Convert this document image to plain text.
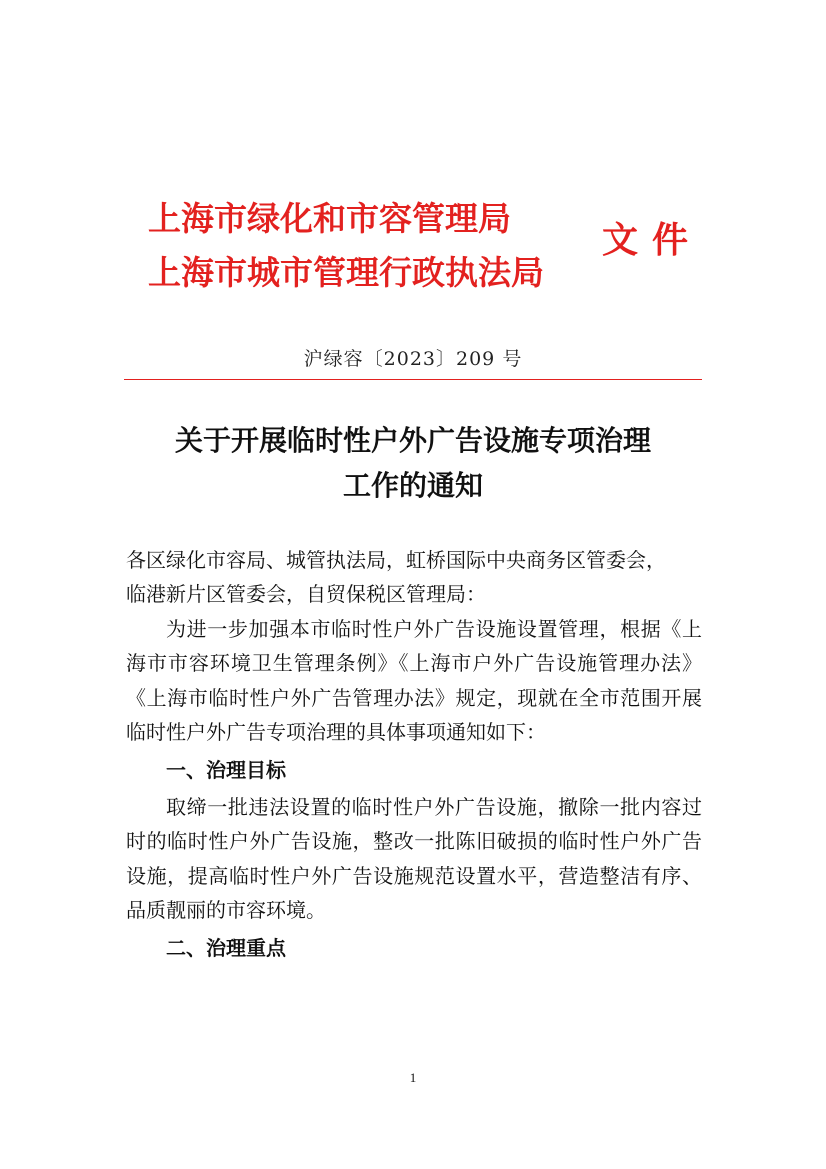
上海市绿化和市容管理局
上海市城市管理行政执法局
文件
沪绿容〔2023〕209 号
关于开展临时性户外广告设施专项治理
工作的通知

各区绿化市容局、城管执法局，虹桥国际中央商务区管委会，

临港新片区管委会，自贸保税区管理局：

为进一步加强本市临时性户外广告设施设置管理，根据《上海市市容环境卫生管理条例》《上海市户外广告设施管理办法》《上海市临时性户外广告管理办法》规定，现就在全市范围开展临时性户外广告专项治理的具体事项通知如下：

一、治理目标

取缔一批违法设置的临时性户外广告设施，撤除一批内容过时的临时性户外广告设施，整改一批陈旧破损的临时性户外广告设施，提高临时性户外广告设施规范设置水平，营造整洁有序、品质靓丽的市容环境。

二、治理重点

1
